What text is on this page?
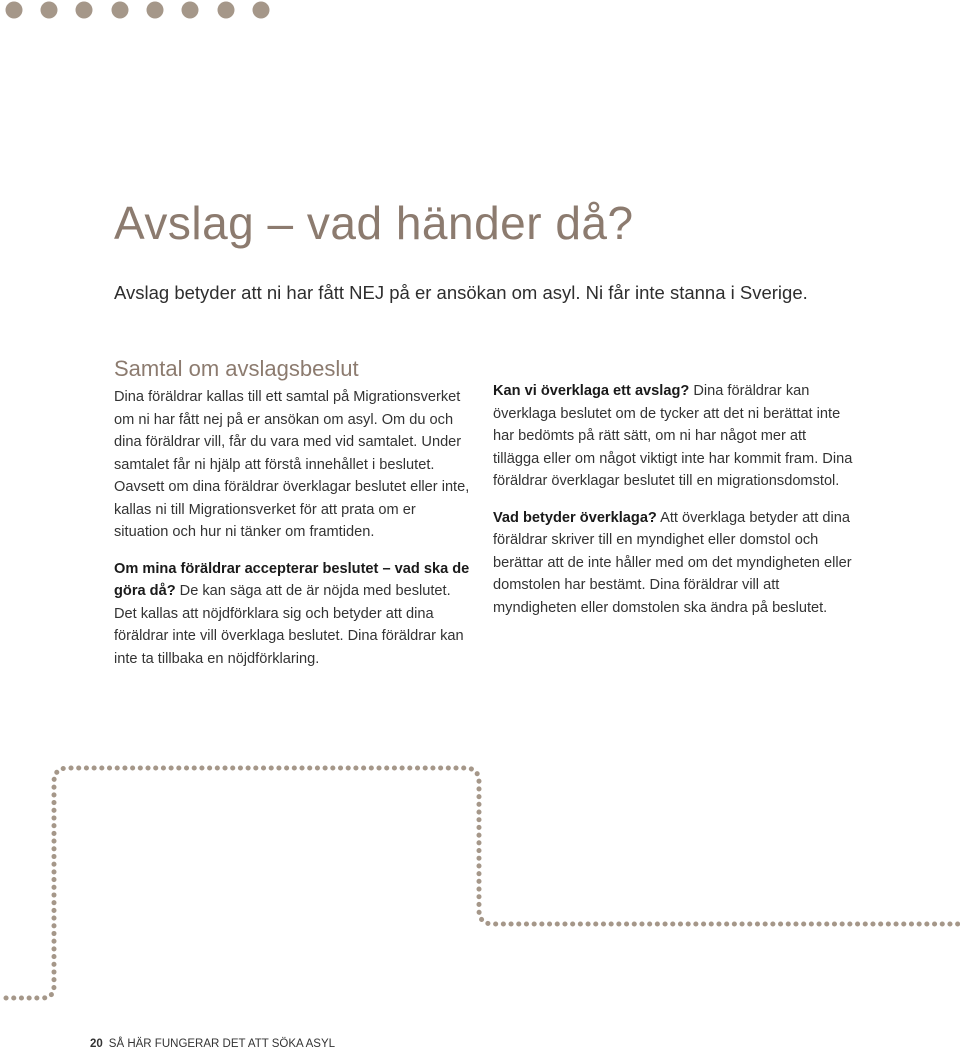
Avslag – vad händer då?

Avslag betyder att ni har fått NEJ på er ansökan om asyl. Ni får inte stanna i Sverige.

Samtal om avslagsbeslut

Dina föräldrar kallas till ett samtal på Migrationsverket om ni har fått nej på er ansökan om asyl. Om du och dina föräldrar vill, får du vara med vid samtalet. Under samtalet får ni hjälp att förstå innehållet i beslutet. Oavsett om dina föräldrar överklagar beslutet eller inte, kallas ni till Migrationsverket för att prata om er situation och hur ni tänker om framtiden.

Om mina föräldrar accepterar beslutet – vad ska de göra då? De kan säga att de är nöjda med beslutet. Det kallas att nöjdförklara sig och betyder att dina föräldrar inte vill överklaga beslutet. Dina föräldrar kan inte ta tillbaka en nöjdförklaring.

Kan vi överklaga ett avslag? Dina föräldrar kan överklaga beslutet om de tycker att det ni berättat inte har bedömts på rätt sätt, om ni har något mer att tillägga eller om något viktigt inte har kommit fram. Dina föräldrar överklagar beslutet till en migrationsdomstol.

Vad betyder överklaga? Att överklaga betyder att dina föräldrar skriver till en myndighet eller domstol och berättar att de inte håller med om det myndigheten eller domstolen har bestämt. Dina föräldrar vill att myndigheten eller domstolen ska ändra på beslutet.

20 SÅ HÄR FUNGERAR DET ATT SÖKA ASYL
